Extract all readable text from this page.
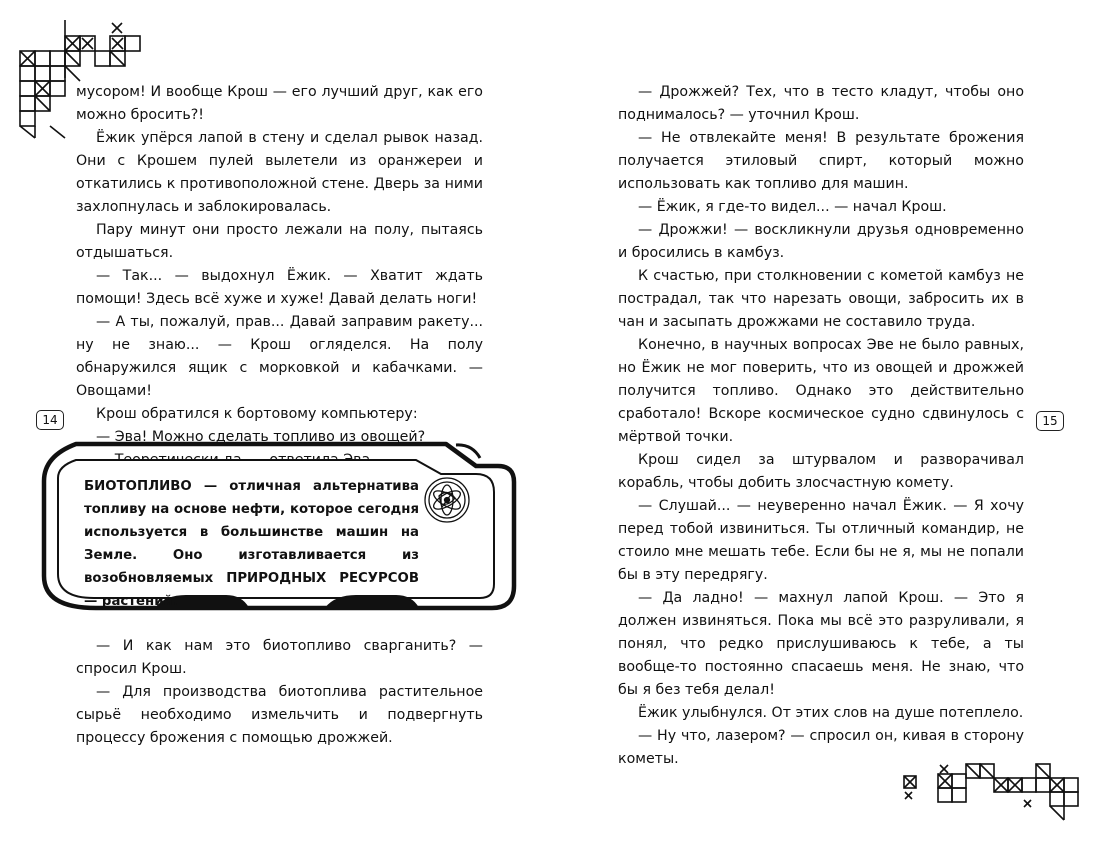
мусором! И вообще Крош — его лучший друг, как его можно бросить?!

Ёжик упёрся лапой в стену и сделал рывок назад. Они с Крошем пулей вылетели из оранжереи и откатились к противоположной стене. Дверь за ними захлопнулась и заблокировалась.

Пару минут они просто лежали на полу, пытаясь отдышаться.

— Так... — выдохнул Ёжик. — Хватит ждать помощи! Здесь всё хуже и хуже! Давай делать ноги!

— А ты, пожалуй, прав... Давай заправим ракету... ну не знаю... — Крош огляделся. На полу обнаружился ящик с морковкой и кабачками. — Овощами!

Крош обратился к бортовому компьютеру:

— Эва! Можно сделать топливо из овощей?

14	15
БИОТОПЛИВО — отличная альтернатива топливу на основе нефти, которое сегодня используется в большинстве машин на Земле. Оно изготавливается из возобновляемых ПРИРОДНЫХ РЕСУРСОВ — растений.

— И как нам это биотопливо сварганить? — спросил Крош.

— Для производства биотоплива растительное сырьё необходимо измельчить и подвергнуть процессу брожения с помощью дрожжей.

— Дрожжей? Тех, что в тесто кладут, чтобы оно поднималось? — уточнил Крош.

— Не отвлекайте меня! В результате брожения получается этиловый спирт, который можно использовать как топливо для машин.

— Ёжик, я где-то видел... — начал Крош.

— Дрожжи! — воскликнули друзья одновременно и бросились в камбуз.

К счастью, при столкновении с кометой камбуз не пострадал, так что нарезать овощи, забросить их в чан и засыпать дрожжами не составило труда.

Конечно, в научных вопросах Эве не было равных, но Ёжик не мог поверить, что из овощей и дрожжей получится топливо. Однако это действительно сработало! Вскоре космическое судно сдвинулось с мёртвой точки.

Крош сидел за штурвалом и разворачивал корабль, чтобы добить злосчастную комету.

— Слушай... — неуверенно начал Ёжик. — Я хочу перед тобой извиниться. Ты отличный командир, не стоило мне мешать тебе. Если бы не я, мы не попали бы в эту передрягу.

— Да ладно! — махнул лапой Крош. — Это я должен извиняться. Пока мы всё это разруливали, я понял, что редко прислушиваюсь к тебе, а ты вообще-то постоянно спасаешь меня. Не знаю, что бы я без тебя делал!

Ёжик улыбнулся. От этих слов на душе потеплело.

— Ну что, лазером? — спросил он, кивая в сторону кометы.
